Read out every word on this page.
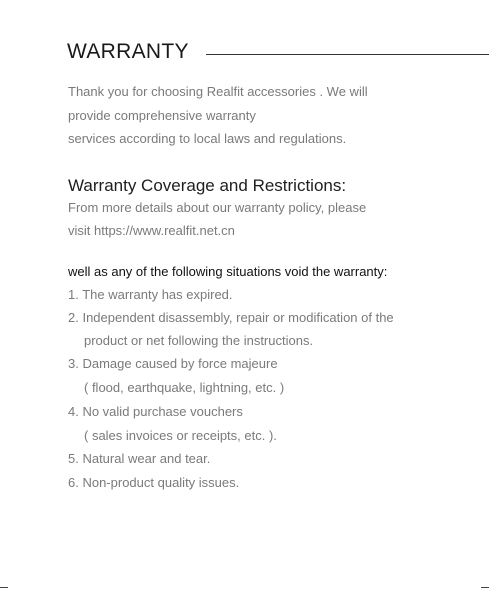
WARRANTY
Thank you for choosing Realfit accessories . We will
provide comprehensive warranty
services according to local laws and regulations.
Warranty Coverage and Restrictions:
From more details about our warranty policy, please
visit https://www.realfit.net.cn
well as any of the following situations void the warranty:
1. The warranty has expired.
2. Independent disassembly, repair or modification of the
product or net following the instructions.
3. Damage caused by force majeure
( flood, earthquake, lightning, etc. )
4. No valid purchase vouchers
( sales invoices or receipts, etc. ).
5. Natural wear and tear.
6. Non-product quality issues.
